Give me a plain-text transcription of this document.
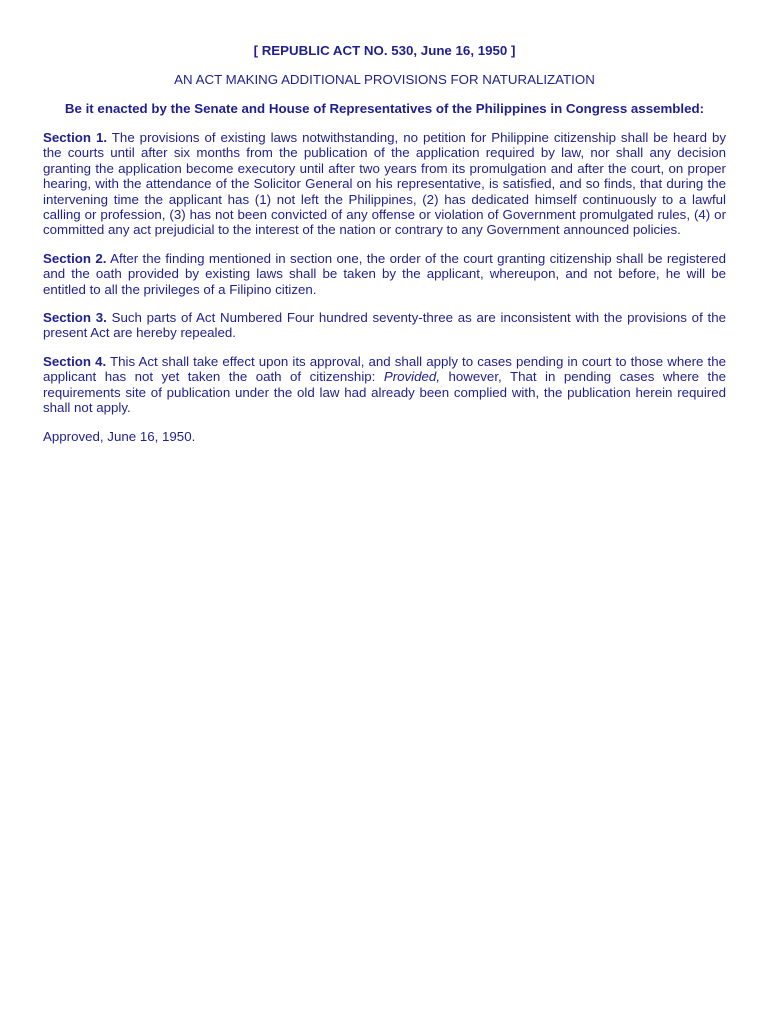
[ REPUBLIC ACT NO. 530, June 16, 1950 ]

AN ACT MAKING ADDITIONAL PROVISIONS FOR NATURALIZATION

Be it enacted by the Senate and House of Representatives of the Philippines in Congress assembled:

Section 1. The provisions of existing laws notwithstanding, no petition for Philippine citizenship shall be heard by the courts until after six months from the publication of the application required by law, nor shall any decision granting the application become executory until after two years from its promulgation and after the court, on proper hearing, with the attendance of the Solicitor General on his representative, is satisfied, and so finds, that during the intervening time the applicant has (1) not left the Philippines, (2) has dedicated himself continuously to a lawful calling or profession, (3) has not been convicted of any offense or violation of Government promulgated rules, (4) or committed any act prejudicial to the interest of the nation or contrary to any Government announced policies.

Section 2. After the finding mentioned in section one, the order of the court granting citizenship shall be registered and the oath provided by existing laws shall be taken by the applicant, whereupon, and not before, he will be entitled to all the privileges of a Filipino citizen.

Section 3. Such parts of Act Numbered Four hundred seventy-three as are inconsistent with the provisions of the present Act are hereby repealed.

Section 4. This Act shall take effect upon its approval, and shall apply to cases pending in court to those where the applicant has not yet taken the oath of citizenship: Provided, however, That in pending cases where the requirements site of publication under the old law had already been complied with, the publication herein required shall not apply.

Approved, June 16, 1950.
